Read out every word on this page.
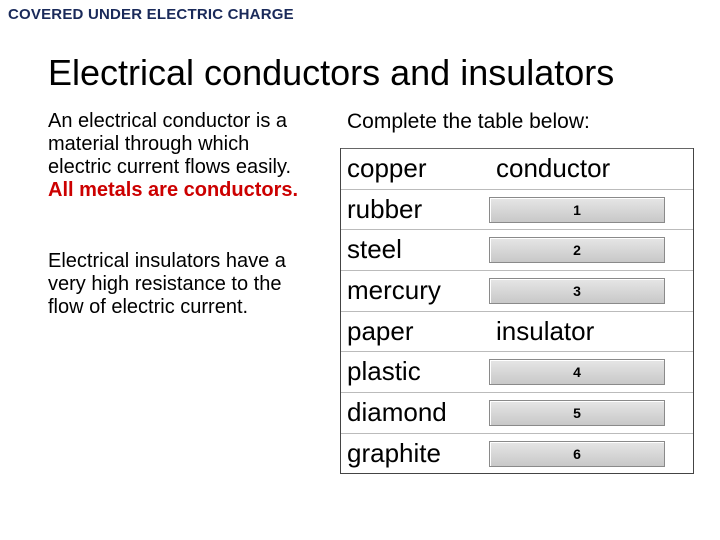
COVERED UNDER ELECTRIC CHARGE
Electrical conductors and insulators
An electrical conductor is a material through which electric current flows easily.
All metals are conductors.
Electrical insulators have a very high resistance to the flow of electric current.
Complete the table below:
copper	conductor
rubber	1
steel	2
mercury	3
paper	insulator
plastic	4
diamond	5
graphite	6
